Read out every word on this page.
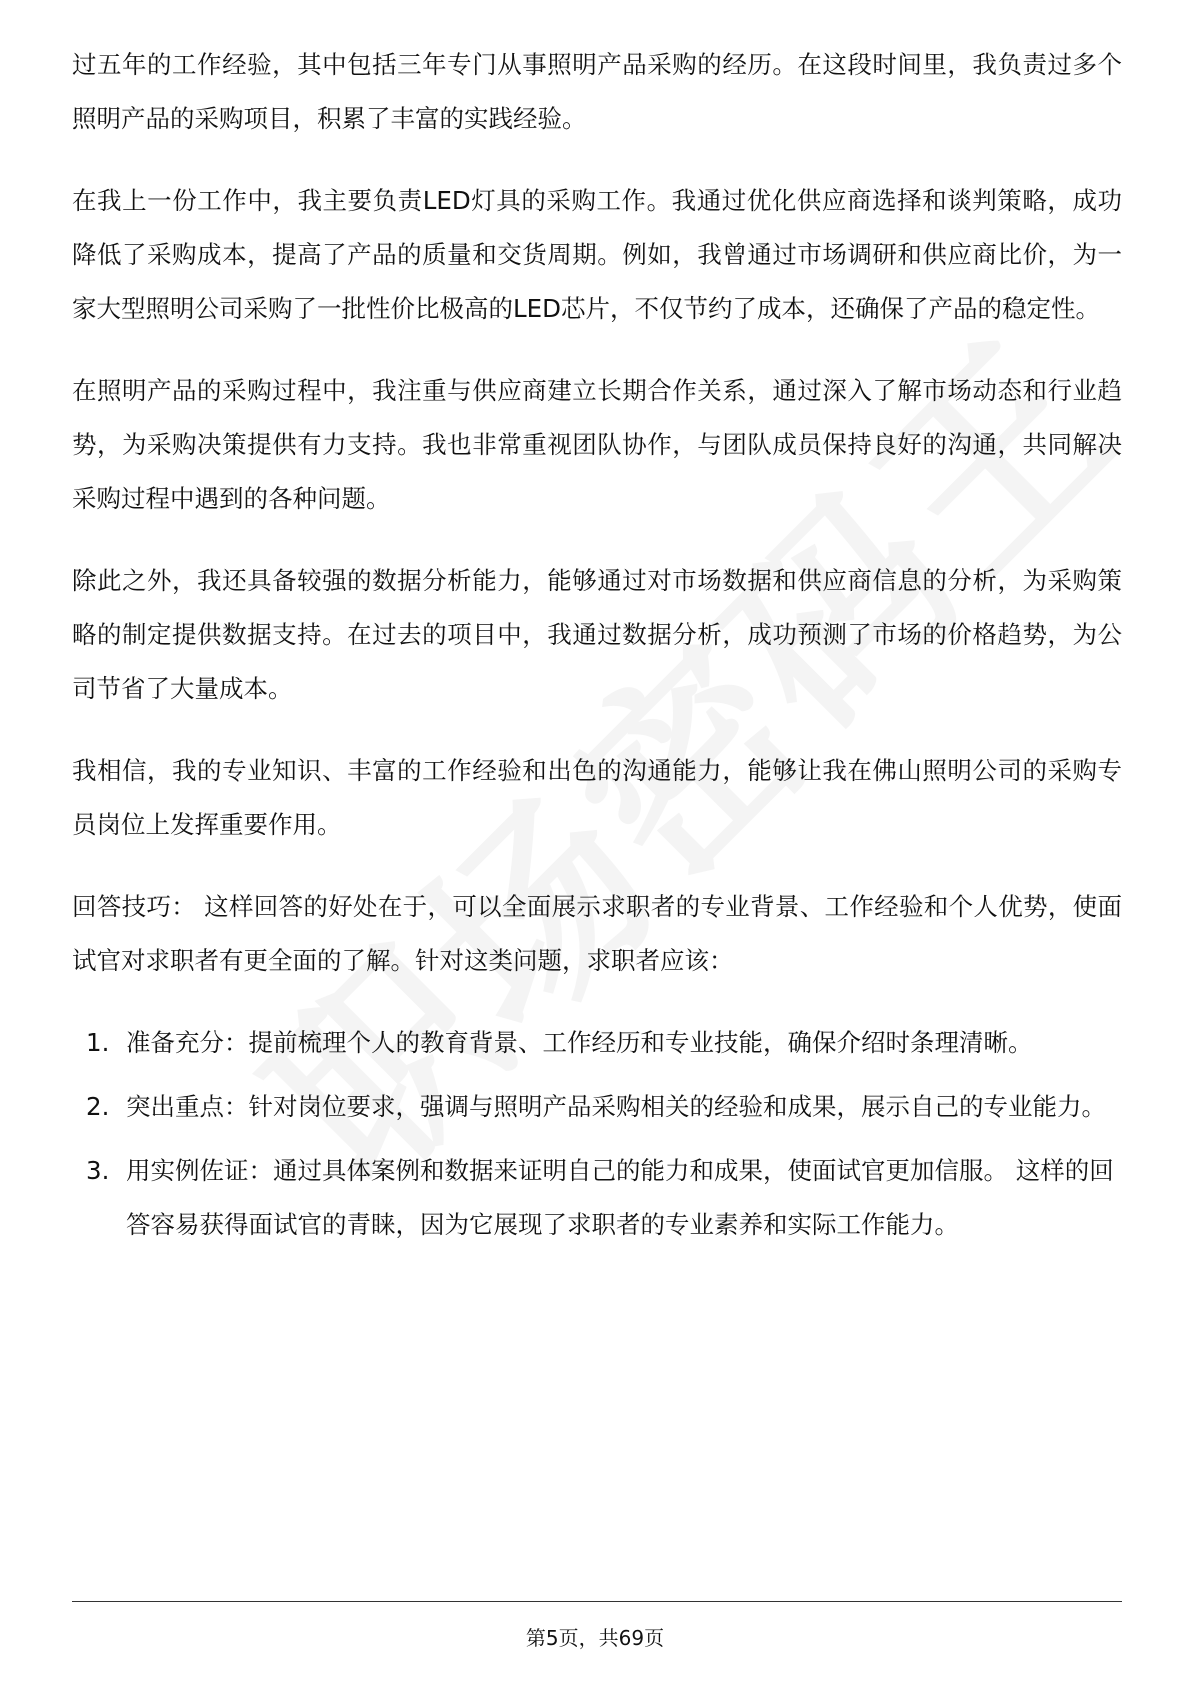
过五年的工作经验，其中包括三年专门从事照明产品采购的经历。在这段时间里，我负责过多个照明产品的采购项目，积累了丰富的实践经验。

在我上一份工作中，我主要负责LED灯具的采购工作。我通过优化供应商选择和谈判策略，成功降低了采购成本，提高了产品的质量和交货周期。例如，我曾通过市场调研和供应商比价，为一家大型照明公司采购了一批性价比极高的LED芯片，不仅节约了成本，还确保了产品的稳定性。

在照明产品的采购过程中，我注重与供应商建立长期合作关系，通过深入了解市场动态和行业趋势，为采购决策提供有力支持。我也非常重视团队协作，与团队成员保持良好的沟通，共同解决采购过程中遇到的各种问题。

除此之外，我还具备较强的数据分析能力，能够通过对市场数据和供应商信息的分析，为采购策略的制定提供数据支持。在过去的项目中，我通过数据分析，成功预测了市场的价格趋势，为公司节省了大量成本。

我相信，我的专业知识、丰富的工作经验和出色的沟通能力，能够让我在佛山照明公司的采购专员岗位上发挥重要作用。

回答技巧： 这样回答的好处在于，可以全面展示求职者的专业背景、工作经验和个人优势，使面试官对求职者有更全面的了解。针对这类问题，求职者应该：

1. 准备充分：提前梳理个人的教育背景、工作经历和专业技能，确保介绍时条理清晰。
2. 突出重点：针对岗位要求，强调与照明产品采购相关的经验和成果，展示自己的专业能力。
3. 用实例佐证：通过具体案例和数据来证明自己的能力和成果，使面试官更加信服。 这样的回答容易获得面试官的青睐，因为它展现了求职者的专业素养和实际工作能力。
第5页，共69页
